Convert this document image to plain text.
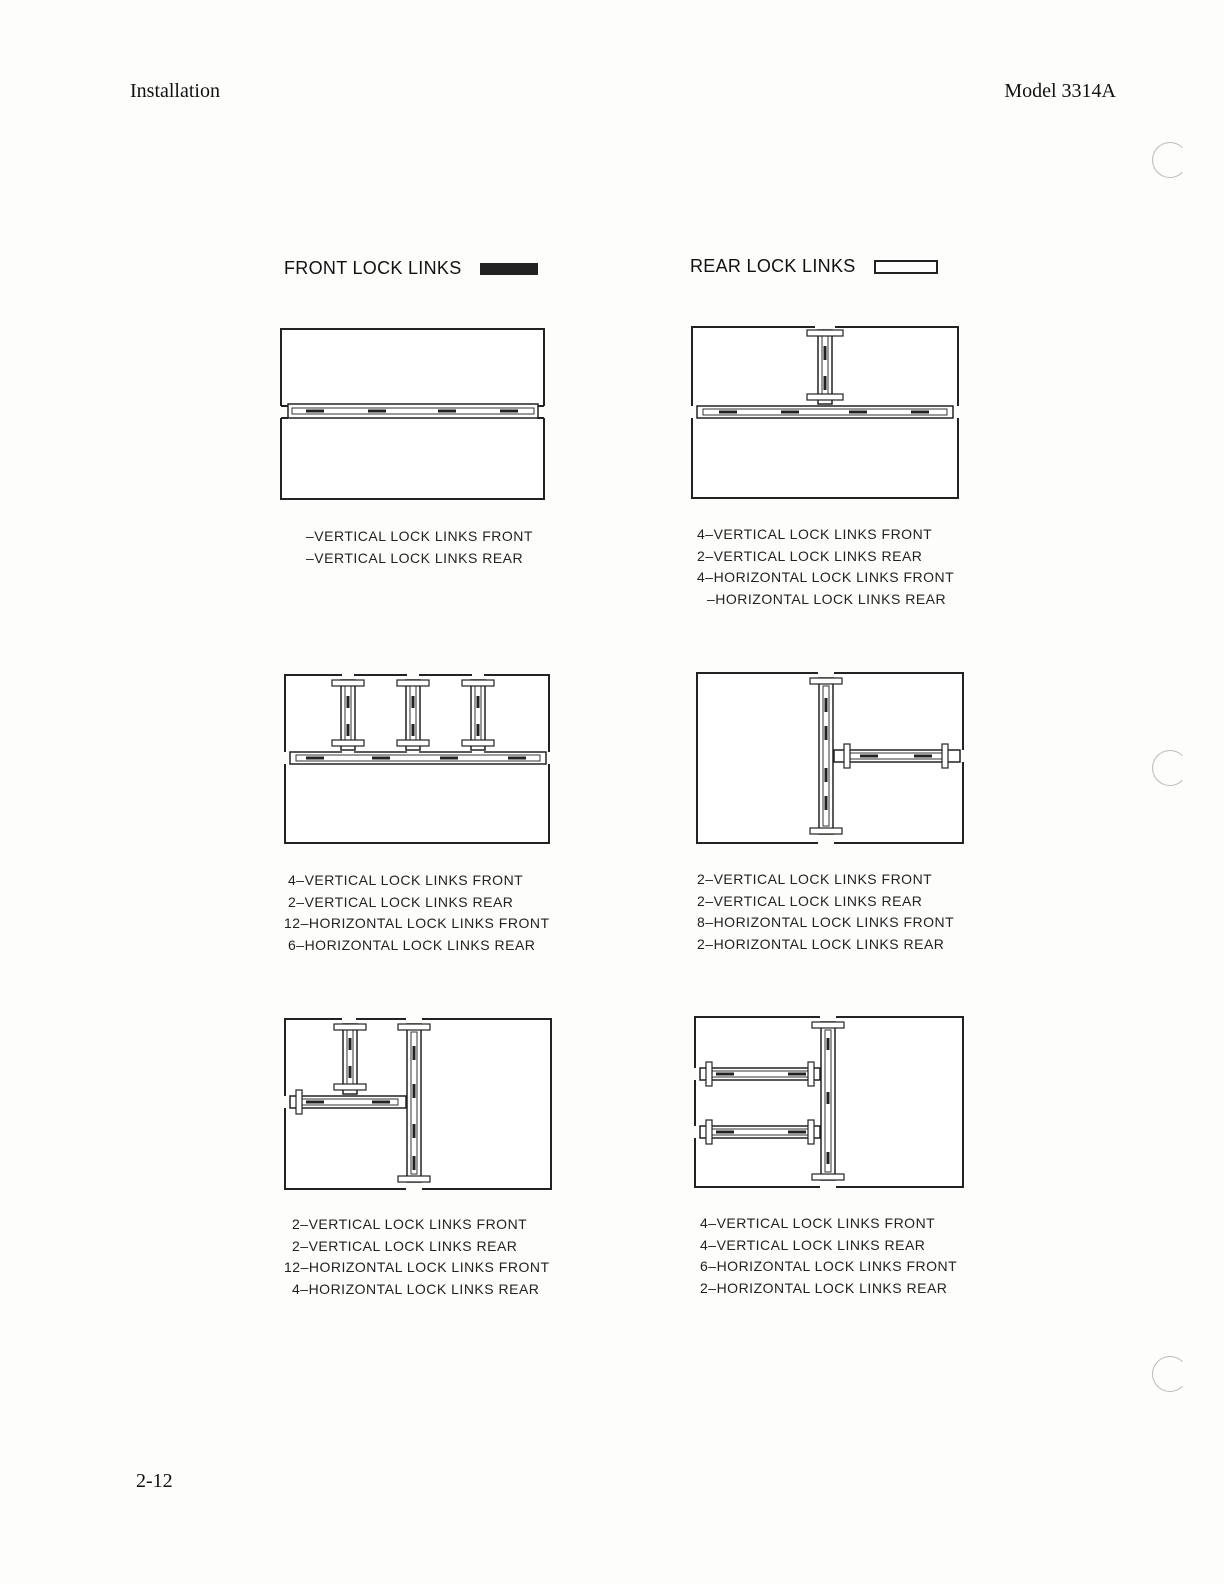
Installation	Model 3314A
FRONT LOCK LINKS	REAR LOCK LINKS
–VERTICAL LOCK LINKS FRONT
–VERTICAL LOCK LINKS REAR
4–VERTICAL LOCK LINKS FRONT
2–VERTICAL LOCK LINKS REAR
4–HORIZONTAL LOCK LINKS FRONT
–HORIZONTAL LOCK LINKS REAR
4–VERTICAL LOCK LINKS FRONT
2–VERTICAL LOCK LINKS REAR
12–HORIZONTAL LOCK LINKS FRONT
6–HORIZONTAL LOCK LINKS REAR
2–VERTICAL LOCK LINKS FRONT
2–VERTICAL LOCK LINKS REAR
8–HORIZONTAL LOCK LINKS FRONT
2–HORIZONTAL LOCK LINKS REAR
2–VERTICAL LOCK LINKS FRONT
2–VERTICAL LOCK LINKS REAR
12–HORIZONTAL LOCK LINKS FRONT
4–HORIZONTAL LOCK LINKS REAR
4–VERTICAL LOCK LINKS FRONT
4–VERTICAL LOCK LINKS REAR
6–HORIZONTAL LOCK LINKS FRONT
2–HORIZONTAL LOCK LINKS REAR
2-12
